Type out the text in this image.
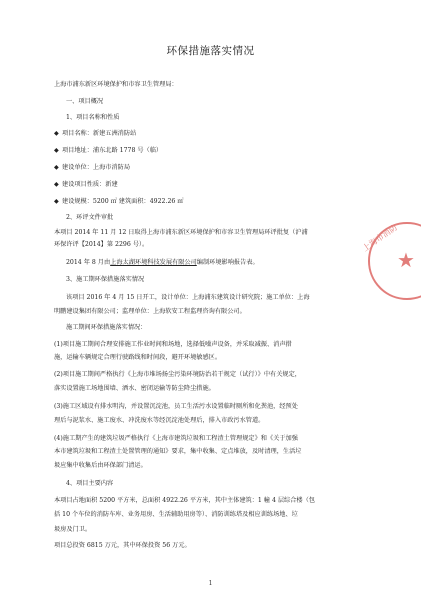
环保措施落实情况
上海市浦东新区环境保护和市容卫生管理局：
一、项目概况
1、项目名称和性质
◆ 项目名称：新建五洲消防站
◆ 项目地址：浦东北路 1778 号（临）
◆ 建设单位：上海市消防局
◆ 建设项目性质：新建
◆ 建设规模：5200 ㎡ 建筑面积：4922.26 ㎡
2、环评文件审批
本项目 2014 年 11 月 12 日取得上海市浦东新区环境保护和市容卫生管理局环评批复（沪浦
环保许评【2014】第 2296 号）。
2014 年 8 月由上海太湖环境科技发展有限公司编制环境影响报告表。
3、施工期环保措施落实情况
该项目 2016 年 4 月 15 日开工，设计单位：上海浦东建筑设计研究院；施工单位：上海
明鹏建设集团有限公司；监理单位：上海软安工程监理咨询有限公司。
施工期间环保措施落实情况：
(1)项目施工期间合理安排施工作业时间和场地，选择低噪声设备，并采取减振、消声措
施，运输车辆规定合理行驶路线和时间段，避开环境敏感区。
(2)项目施工期间严格执行《上海市堆场扬尘污染环境防治若干规定（试行）》中有关规定，
落实设置施工场地围墙、洒水、密闭运输等防尘降尘措施。
(3)施工区域设有排水明沟，并设置沉淀池，员工生活污水设置临时厕所和化粪池，经预处
理后与泥浆水、施工废水、冲洗废水等经沉淀池处理后，排入市政污水管道。
(4)施工期产生的建筑垃圾严格执行《上海市建筑垃圾和工程渣土管理规定》和《关于加强
本市建筑垃圾和工程渣土处置管理的通知》要求，集中收集、定点堆放，及时清理，生活垃
圾应集中收集后由环保部门清运。
4、项目主要内容
本项目占地面积 5200 平方米，总面积 4922.26 平方米，其中主体建筑：1 幢 4 层综合楼（包
括 10 个车位的消防车库、业务用房、生活辅助用房等）、消防训练塔及相应训练场地、垃
圾房及门卫。
项目总投资 6815 万元，其中环保投资 56 万元。
上海市消防
★
1
